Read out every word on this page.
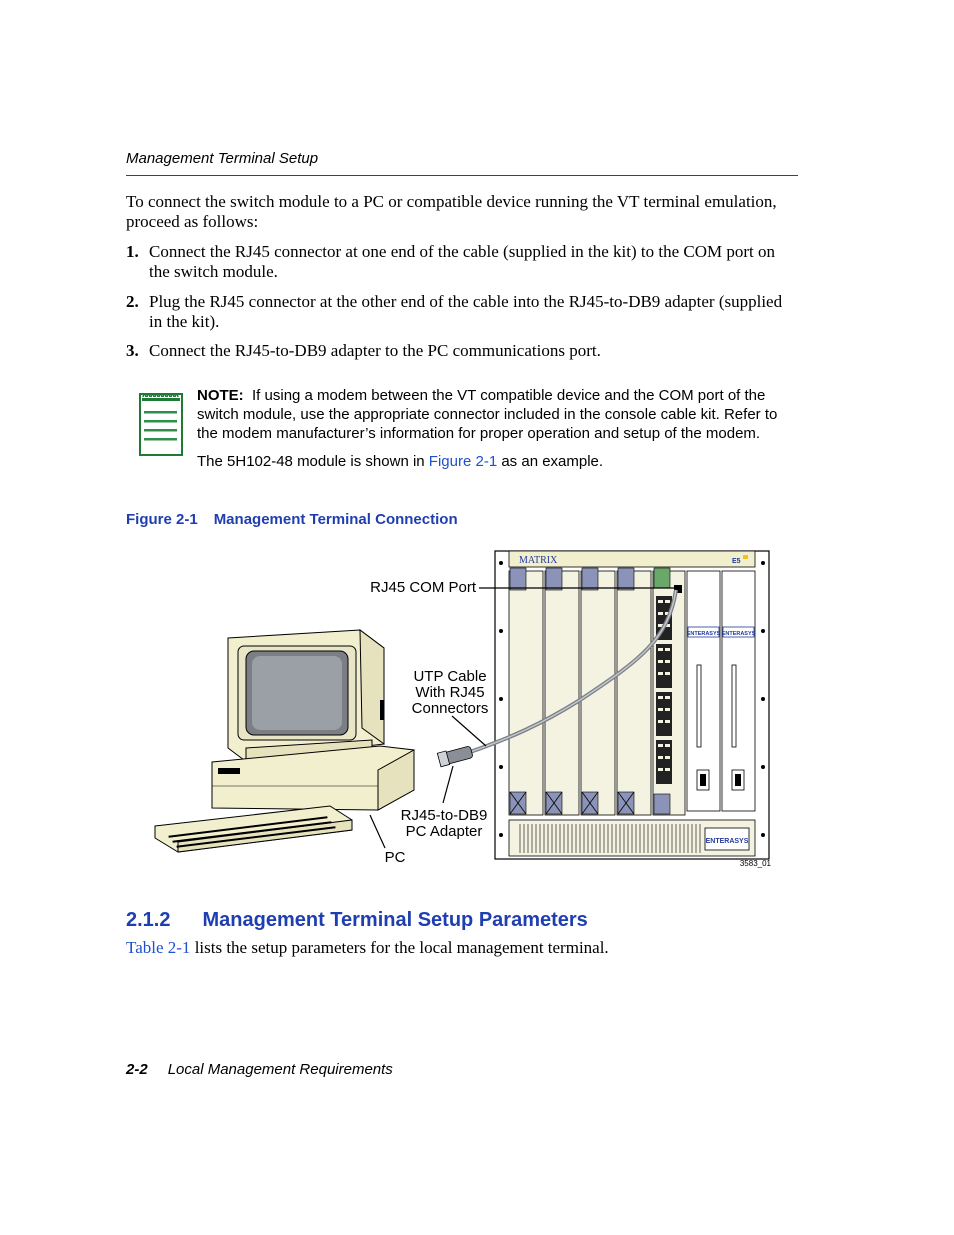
Management Terminal Setup
To connect the switch module to a PC or compatible device running the VT terminal emulation, proceed as follows:
1. Connect the RJ45 connector at one end of the cable (supplied in the kit) to the COM port on the switch module.
2. Plug the RJ45 connector at the other end of the cable into the RJ45-to-DB9 adapter (supplied in the kit).
3. Connect the RJ45-to-DB9 adapter to the PC communications port.
NOTE: If using a modem between the VT compatible device and the COM port of the switch module, use the appropriate connector included in the console cable kit. Refer to the modem manufacturer’s information for proper operation and setup of the modem.
The 5H102-48 module is shown in Figure 2-1 as an example.
Figure 2-1 Management Terminal Connection
MATRIX	E5
ENTERASYS ENTERASYS
ENTERASYS
3583_01
RJ45 COM Port
UTP Cable
With RJ45
Connectors
RJ45-to-DB9
PC Adapter
PC
2.1.2 Management Terminal Setup Parameters
Table 2-1 lists the setup parameters for the local management terminal.
2-2 Local Management Requirements
